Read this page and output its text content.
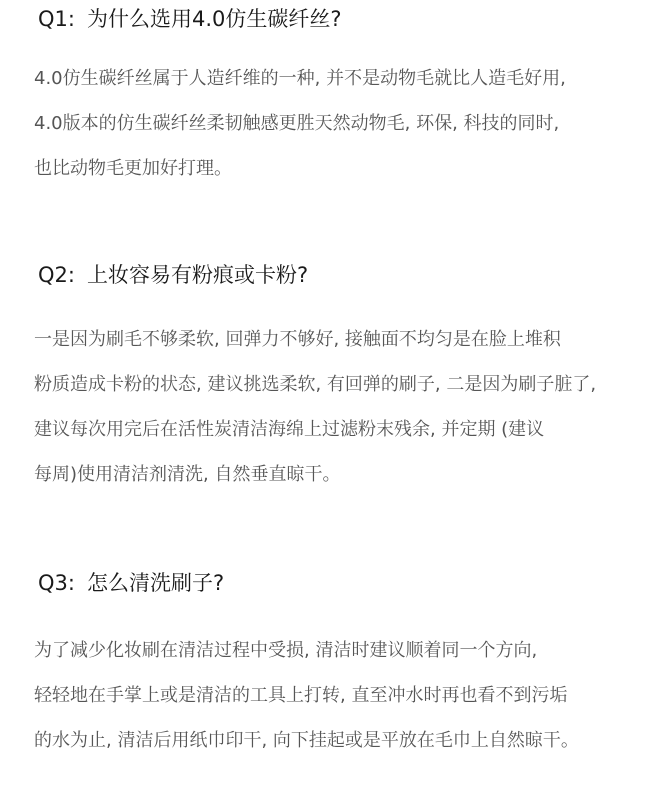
Q1: 为什么选用4.0仿生碳纤丝?
4.0仿生碳纤丝属于人造纤维的一种, 并不是动物毛就比人造毛好用,
4.0版本的仿生碳纤丝柔韧触感更胜天然动物毛, 环保, 科技的同时,
也比动物毛更加好打理。
Q2: 上妆容易有粉痕或卡粉?
一是因为刷毛不够柔软, 回弹力不够好, 接触面不均匀是在脸上堆积
粉质造成卡粉的状态, 建议挑选柔软, 有回弹的刷子, 二是因为刷子脏了,
建议每次用完后在活性炭清洁海绵上过滤粉末残余, 并定期 (建议
每周)使用清洁剂清洗, 自然垂直晾干。
Q3: 怎么清洗刷子?
为了减少化妆刷在清洁过程中受损, 清洁时建议顺着同一个方向,
轻轻地在手掌上或是清洁的工具上打转, 直至冲水时再也看不到污垢
的水为止, 清洁后用纸巾印干, 向下挂起或是平放在毛巾上自然晾干。
